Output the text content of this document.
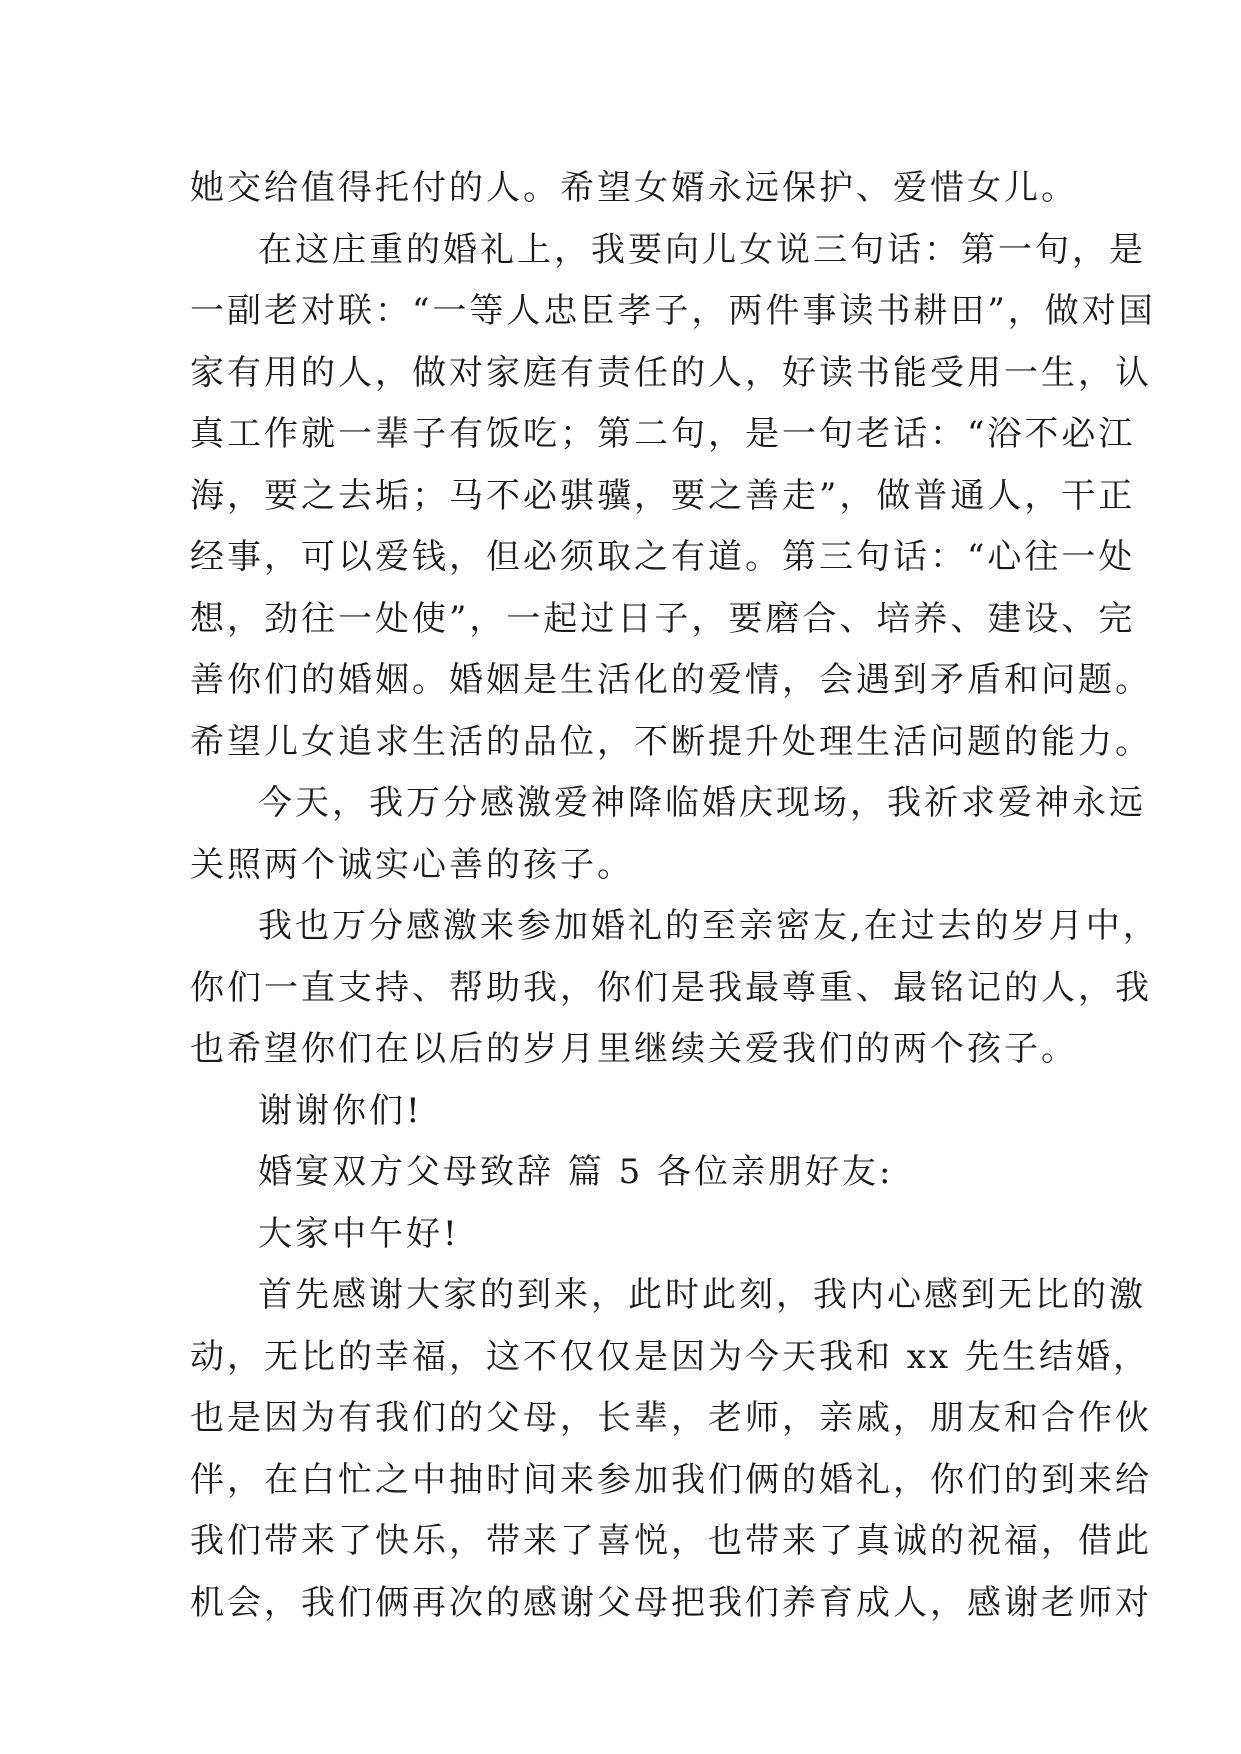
她交给值得托付的人。希望女婿永远保护、爱惜女儿。
在这庄重的婚礼上，我要向儿女说三句话：第一句，是
一副老对联：“一等人忠臣孝子，两件事读书耕田”，做对国
家有用的人，做对家庭有责任的人，好读书能受用一生，认
真工作就一辈子有饭吃；第二句，是一句老话：“浴不必江
海，要之去垢；马不必骐骥，要之善走”，做普通人，干正
经事，可以爱钱，但必须取之有道。第三句话：“心往一处
想，劲往一处使”，一起过日子，要磨合、培养、建设、完
善你们的婚姻。婚姻是生活化的爱情，会遇到矛盾和问题。
希望儿女追求生活的品位，不断提升处理生活问题的能力。
今天，我万分感激爱神降临婚庆现场，我祈求爱神永远
关照两个诚实心善的孩子。
我也万分感激来参加婚礼的至亲密友,在过去的岁月中，
你们一直支持、帮助我，你们是我最尊重、最铭记的人，我
也希望你们在以后的岁月里继续关爱我们的两个孩子。
谢谢你们!
婚宴双方父母致辞 篇 5 各位亲朋好友:
大家中午好!
首先感谢大家的到来，此时此刻，我内心感到无比的激
动，无比的幸福，这不仅仅是因为今天我和 xx 先生结婚，
也是因为有我们的父母，长辈，老师，亲戚，朋友和合作伙
伴，在白忙之中抽时间来参加我们俩的婚礼，你们的到来给
我们带来了快乐，带来了喜悦，也带来了真诚的祝福，借此
机会，我们俩再次的感谢父母把我们养育成人，感谢老师对
